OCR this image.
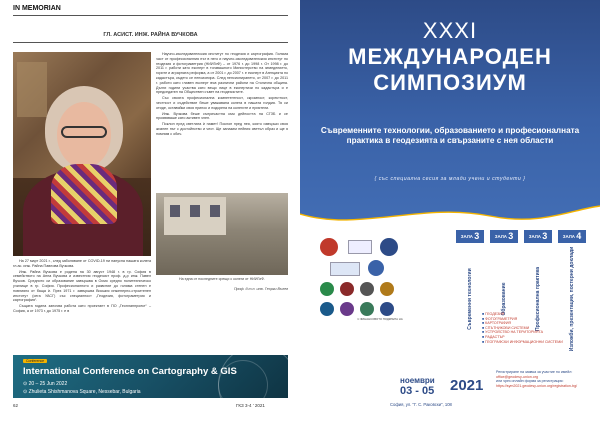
IN MEMORIAN
ГЛ. АСИСТ. ИНЖ. РАЙНА ВУЧКОВА

Научно-изследователския институт по геодезия и картография. Голяма част от професионалния път в него и научно-изследователския институт по геодезия и фотограметрия (НИИГиФ) – от 1976 г. до 1998 г. От 1998 г. до 2011 г. работи като експерт в тогавашното Министерство на земеделието, горите и аграрната реформа, а от 2001 г. до 2007 г. е експерт в Агенцията по кадастъра, където се пенсионира. След пенсионирането, от 2007 г. до 2011 г. работи като главен експерт във различни райони на Столична община. Дълги години участва като вещо лице в експертизи по кадастъра и е председател на Обществен съвет на геодезистите.

Със своята професионална компетентност, скромност, коректност, честност и съдействие беше уважавана колега в нашата гилдия. Тя си отиде, оставяйки своя принос и подкрепа на колегите и приятели.

Инж. Вучкова беше съпричастна към дейността на СГЗБ и се проявяваше като активен член.

Поклон пред светлата ѝ памет! Поклон пред нея, която извърши своя жизнен път с достойнство и чест. Ще запазим нейния светъл образ и ще я помним с обич.

На една от последните срещи с колеги от НИИГиФ.
Проф. д.т.н. инж. Георги Вълев

На 27 март 2021 г., след заболяване от COVID-19 ни напусна нашата колега гл.ас. инж. Райна Павлова Вучкова.

Инж. Райна Вучкова е родена на 30 август 1948 г. в гр. София в семейството на Анна Вучкова и известния геодезист проф. д-р инж. Павел Вучков. Средното си образование завършва в Осмо средно политехническо училище в гр. София. Професионалното и развитие до голяма степен е повлияно от баща ѝ. През 1971 г. завършва Висшия инженерно-строителен институт (сега УАСГ) със специалност „Геодезия, фотограметрия и картография“.

Същата година започва работа като проектант в ПО „Геопланпроект“ – София, а от 1973 г. до 1975 г. е в

Conference
International Conference on Cartography & GIS
⊙ 20 – 25 Jun 2022
⊙ Zhulieta Shishmanova Square, Nessebar, Bulgaria
62	ГКЗ 3-4 ' 2021
XXXI
МЕЖДУНАРОДЕН
СИМПОЗИУМ
Съвременните технологии, образованието и професионалната практика в геодезията и свързаните с нея области
{ със специална сесия за млади учени и студенти }
С ФИНАНСОВОТО ПОДКРЕПА НА
ЗАЛА 3
Съвременни технологии
ЗАЛА 3
Образование
ЗАЛА 3
Професионална практика
ЗАЛА 4
Изложби, презентации, постерни доклади
■ ГЕОДЕЗИЯ
■ ФОТОГРАМЕТРИЯ
■ КАРТОГРАФИЯ
■ СПЪТНИКОВИ СИСТЕМИ
■ УСТРОЙСТВО НА ТЕРИТОРИЯТА
■ РАДАСТЪР
■ ГЕОГРАФСКИ ИНФОРМАЦИОННИ СИСТЕМИ
ноември
03 - 05 2021
София, ул. "Г. С. Раковски", 108
Регистриране на заявка за участие по имейл:
office@geodesy-union.org
или чрез онлайн форма за регистрация:
https://sym2021.geodesy-union.org/registration-bg/
